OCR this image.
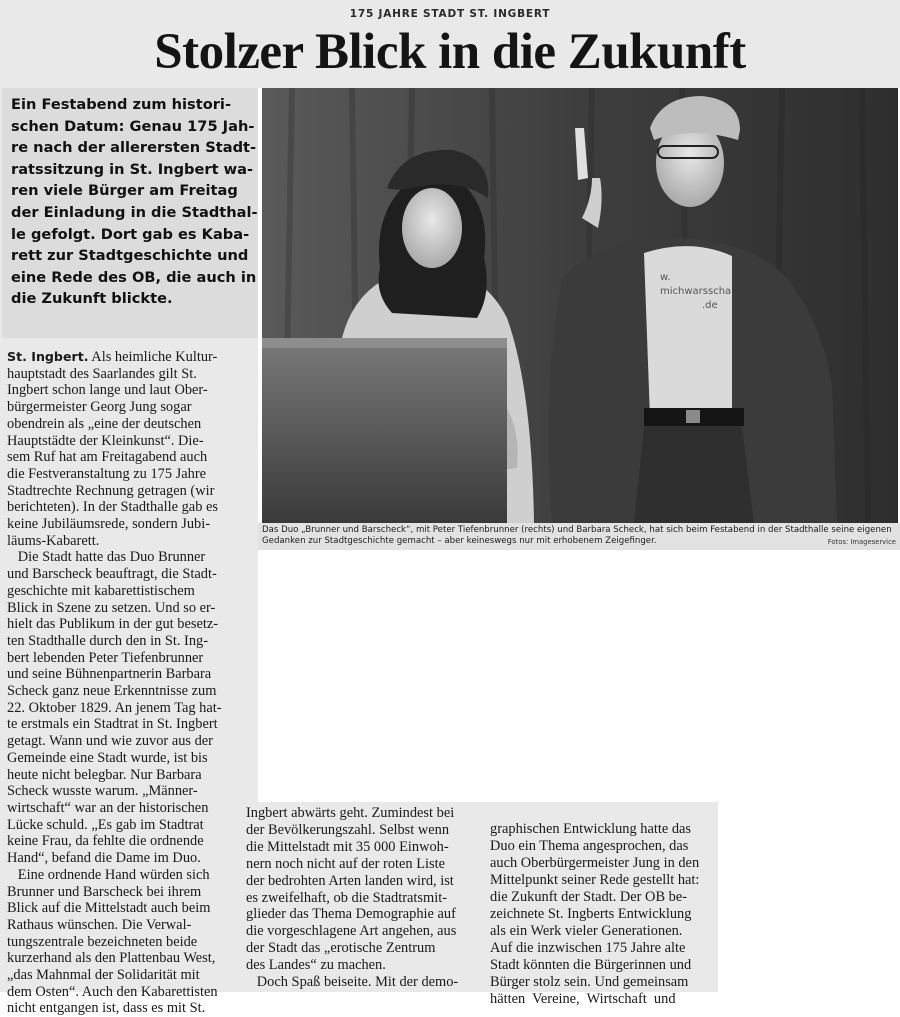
175 JAHRE STADT ST. INGBERT
Stolzer Blick in die Zukunft
Ein Festabend zum histori-
schen Datum: Genau 175 Jah-
re nach der allerersten Stadt-
ratssitzung in St. Ingbert wa-
ren viele Bürger am Freitag
der Einladung in die Stadthal-
le gefolgt. Dort gab es Kaba-
rett zur Stadtgeschichte und
eine Rede des OB, die auch in
die Zukunft blickte.
w.
michwarsscha
.de
Das Duo „Brunner und Barscheck“, mit Peter Tiefenbrunner (rechts) und Barbara Scheck, hat sich beim Festabend in der Stadthalle seine eigenen
Gedanken zur Stadtgeschichte gemacht – aber keineswegs nur mit erhobenem Zeigefinger.	Fotos: Imageservice
St. Ingbert. Als heimliche Kultur-
hauptstadt des Saarlandes gilt St.
Ingbert schon lange und laut Ober-
bürgermeister Georg Jung sogar
obendrein als „eine der deutschen
Hauptstädte der Kleinkunst“. Die-
sem Ruf hat am Freitagabend auch
die Festveranstaltung zu 175 Jahre
Stadtrechte Rechnung getragen (wir
berichteten). In der Stadthalle gab es
keine Jubiläumsrede, sondern Jubi-
läums-Kabarett.
Die Stadt hatte das Duo Brunner
und Barscheck beauftragt, die Stadt-
geschichte mit kabarettistischem
Blick in Szene zu setzen. Und so er-
hielt das Publikum in der gut besetz-
ten Stadthalle durch den in St. Ing-
bert lebenden Peter Tiefenbrunner
und seine Bühnenpartnerin Barbara
Scheck ganz neue Erkenntnisse zum
22. Oktober 1829. An jenem Tag hat-
te erstmals ein Stadtrat in St. Ingbert
getagt. Wann und wie zuvor aus der
Gemeinde eine Stadt wurde, ist bis
heute nicht belegbar. Nur Barbara
Scheck wusste warum. „Männer-
wirtschaft“ war an der historischen
Lücke schuld. „Es gab im Stadtrat
keine Frau, da fehlte die ordnende
Hand“, befand die Dame im Duo.
Eine ordnende Hand würden sich
Brunner und Barscheck bei ihrem
Blick auf die Mittelstadt auch beim
Rathaus wünschen. Die Verwal-
tungszentrale bezeichneten beide
kurzerhand als den Plattenbau West,
„das Mahnmal der Solidarität mit
dem Osten“. Auch den Kabarettisten
nicht entgangen ist, dass es mit St.
Ingbert abwärts geht. Zumindest bei
der Bevölkerungszahl. Selbst wenn
die Mittelstadt mit 35 000 Einwoh-
nern noch nicht auf der roten Liste
der bedrohten Arten landen wird, ist
es zweifelhaft, ob die Stadtratsmit-
glieder das Thema Demographie auf
die vorgeschlagene Art angehen, aus
der Stadt das „erotische Zentrum
des Landes“ zu machen.
Doch Spaß beiseite. Mit der demo-
graphischen Entwicklung hatte das
Duo ein Thema angesprochen, das
auch Oberbürgermeister Jung in den
Mittelpunkt seiner Rede gestellt hat:
die Zukunft der Stadt. Der OB be-
zeichnete St. Ingberts Entwicklung
als ein Werk vieler Generationen.
Auf die inzwischen 175 Jahre alte
Stadt könnten die Bürgerinnen und
Bürger stolz sein. Und gemeinsam
hätten  Vereine,  Wirtschaft  und
